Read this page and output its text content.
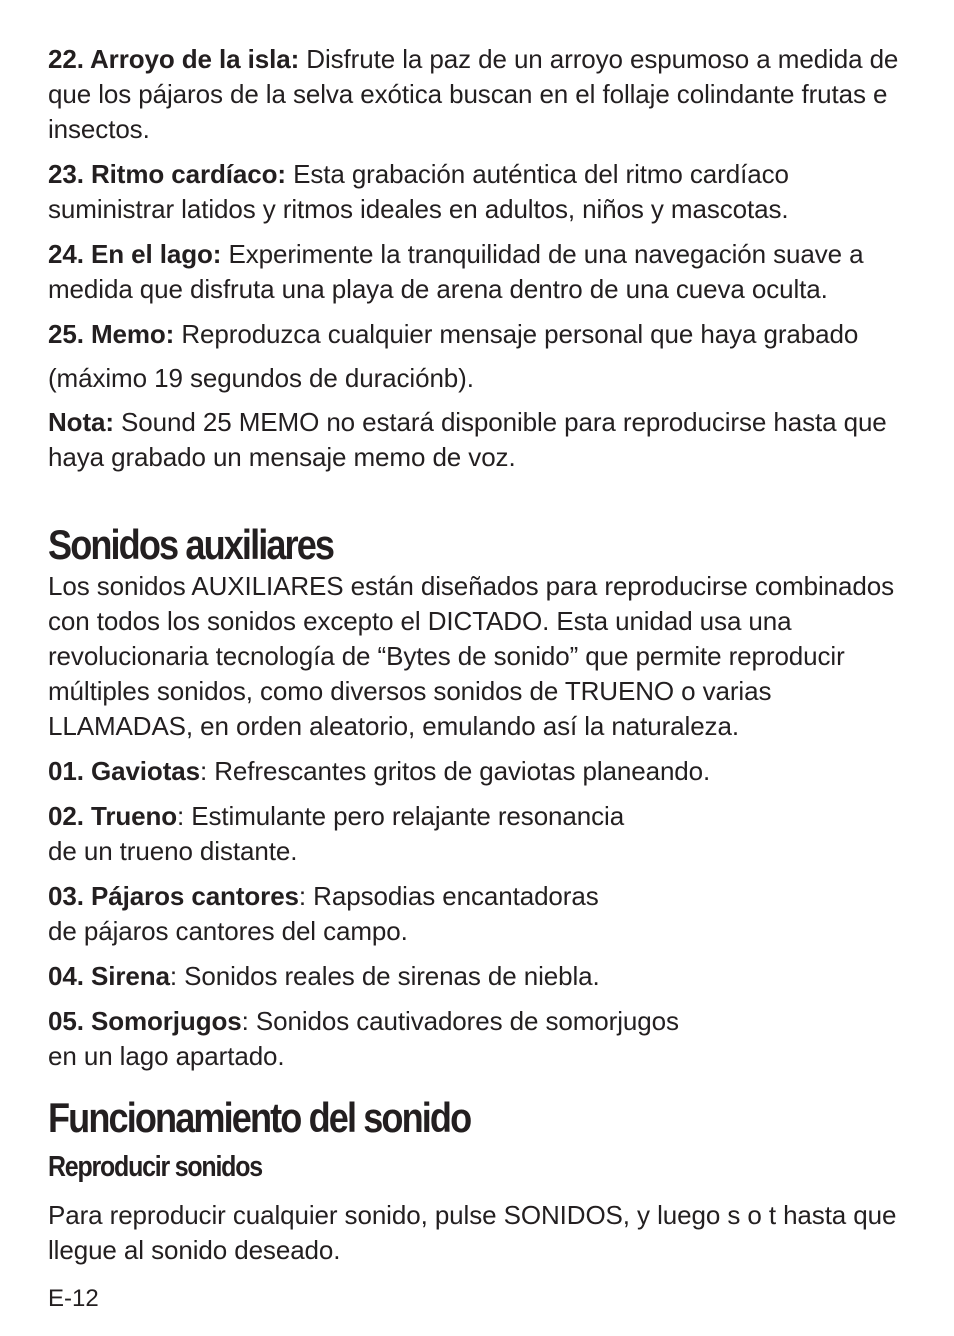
22. Arroyo de la isla: Disfrute la paz de un arroyo espumoso a medida de que los pájaros de la selva exótica buscan en el follaje colindante frutas e insectos.

23. Ritmo cardíaco: Esta grabación auténtica del ritmo cardíaco suministrar latidos y ritmos ideales en adultos, niños y mascotas.

24. En el lago: Experimente la tranquilidad de una navegación suave a medida que disfruta una playa de arena dentro de una cueva oculta.

25. Memo: Reproduzca cualquier mensaje personal que haya grabado

(máximo 19 segundos de duraciónb).

Nota: Sound 25 MEMO no estará disponible para reproducirse hasta que haya grabado un mensaje memo de voz.

Sonidos auxiliares

Los sonidos AUXILIARES están diseñados para reproducirse combinados con todos los sonidos excepto el DICTADO. Esta unidad usa una revolucionaria tecnología de “Bytes de sonido” que permite reproducir múltiples sonidos, como diversos sonidos de TRUENO o varias LLAMADAS, en orden aleatorio, emulando así la naturaleza.

01. Gaviotas: Refrescantes gritos de gaviotas planeando.

02. Trueno: Estimulante pero relajante resonancia
de un trueno distante.

03. Pájaros cantores: Rapsodias encantadoras
de pájaros cantores del campo.

04. Sirena: Sonidos reales de sirenas de niebla.

05. Somorjugos: Sonidos cautivadores de somorjugos
en un lago apartado.

Funcionamiento del sonido
Reproducir sonidos

Para reproducir cualquier sonido, pulse SONIDOS, y luego s o t hasta que llegue al sonido deseado.

E-12
